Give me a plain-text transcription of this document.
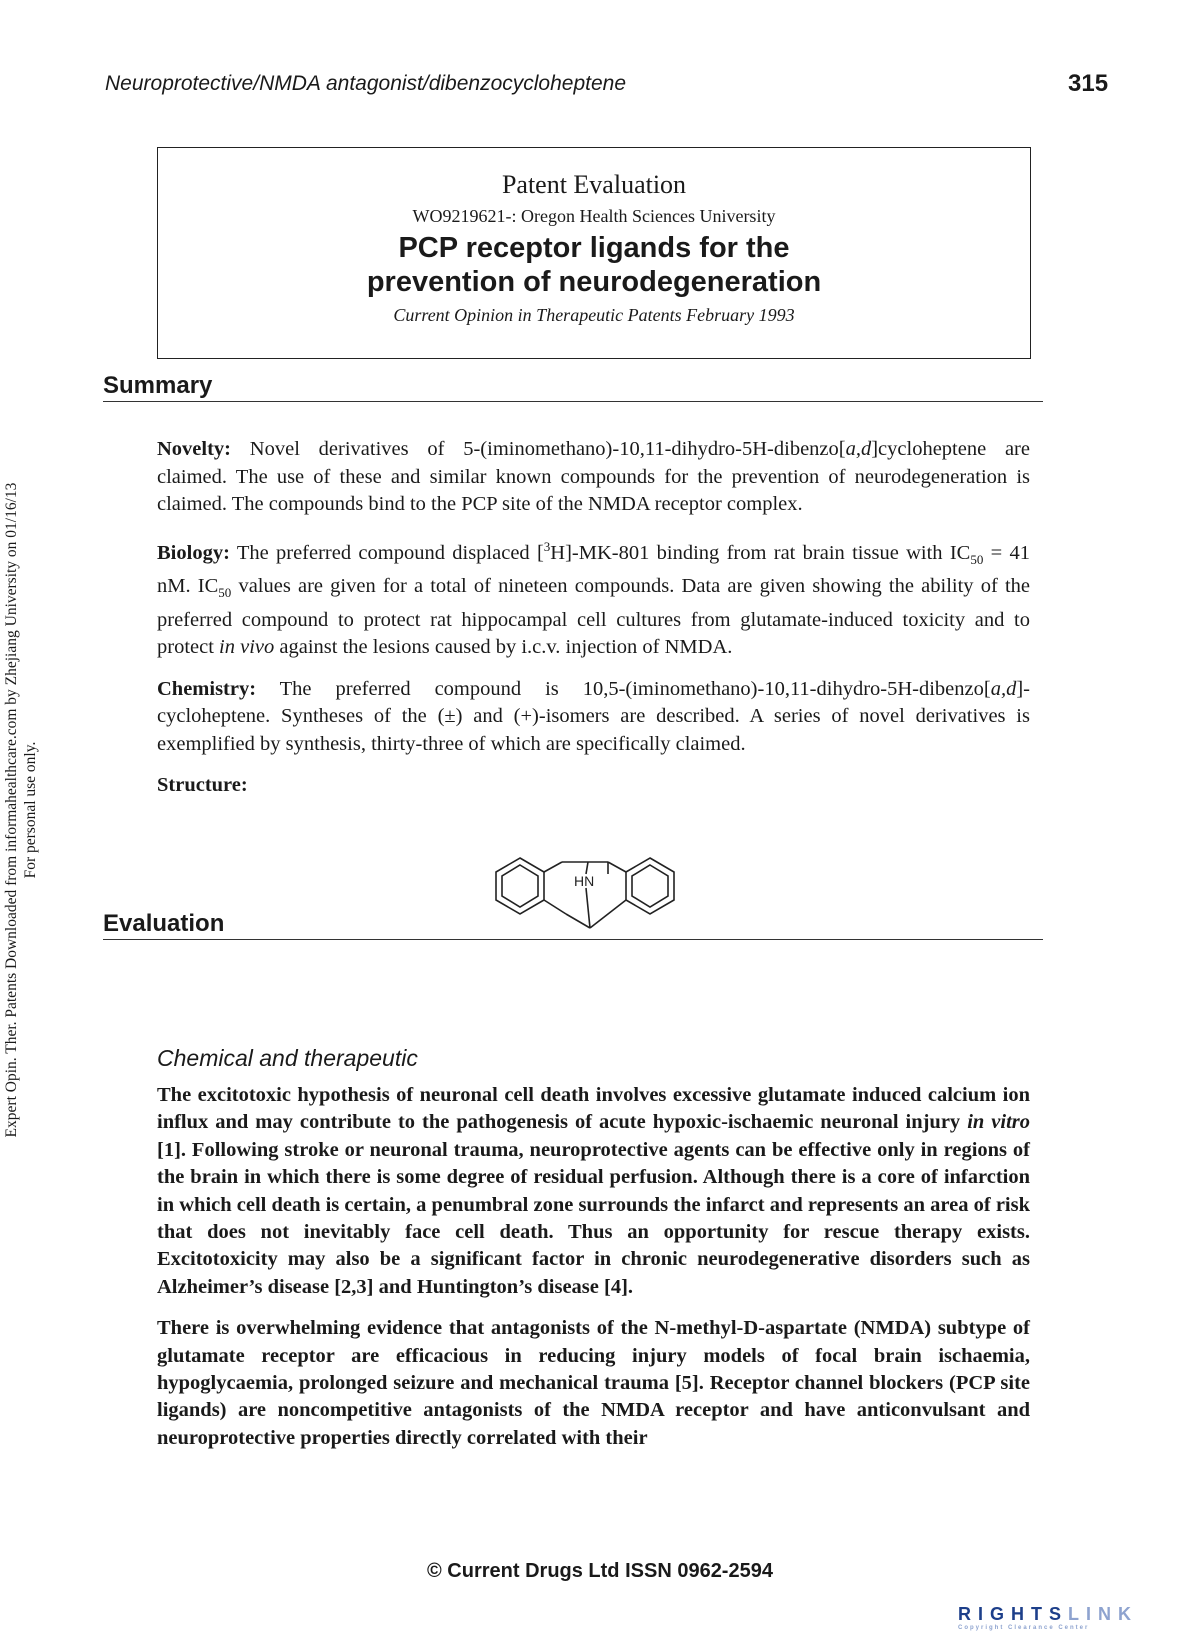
Neuroprotective/NMDA antagonist/dibenzocycloheptene	315
Expert Opin. Ther. Patents Downloaded from informahealthcare.com by Zhejiang University on 01/16/13 For personal use only.
Patent Evaluation
WO9219621-: Oregon Health Sciences University
PCP receptor ligands for the
prevention of neurodegeneration
Current Opinion in Therapeutic Patents February 1993
Summary

Novelty: Novel derivatives of 5-(iminomethano)-10,11-dihydro-5H-dibenzo[a,d]cycloheptene are claimed. The use of these and similar known compounds for the prevention of neurodegeneration is claimed. The compounds bind to the PCP site of the NMDA receptor complex.

Biology: The preferred compound displaced [$^3$H]-MK-801 binding from rat brain tissue with $IC_{50} = 41$ nM. $IC_{50}$ values are given for a total of nineteen compounds. Data are given showing the ability of the preferred compound to protect rat hippocampal cell cultures from glutamate-induced toxicity and to protect in vivo against the lesions caused by i.c.v. injection of NMDA.

Chemistry: The preferred compound is 10,5-(iminomethano)-10,11-dihydro-5H-dibenzo[a,d]-cycloheptene. Syntheses of the (±) and (+)-isomers are described. A series of novel derivatives is exemplified by synthesis, thirty-three of which are specifically claimed.

Structure:

HN
Evaluation
Chemical and therapeutic

The excitotoxic hypothesis of neuronal cell death involves excessive glutamate induced calcium ion influx and may contribute to the pathogenesis of acute hypoxic-ischaemic neuronal injury in vitro [1]. Following stroke or neuronal trauma, neuroprotective agents can be effective only in regions of the brain in which there is some degree of residual perfusion. Although there is a core of infarction in which cell death is certain, a penumbral zone surrounds the infarct and represents an area of risk that does not inevitably face cell death. Thus an opportunity for rescue therapy exists. Excitotoxicity may also be a significant factor in chronic neurodegenerative disorders such as Alzheimer’s disease [2,3] and Huntington’s disease [4].

There is overwhelming evidence that antagonists of the N-methyl-D-aspartate (NMDA) subtype of glutamate receptor are efficacious in reducing injury models of focal brain ischaemia, hypoglycaemia, prolonged seizure and mechanical trauma [5]. Receptor channel blockers (PCP site ligands) are noncompetitive antagonists of the NMDA receptor and have anticonvulsant and neuroprotective properties directly correlated with their

© Current Drugs Ltd ISSN 0962-2594
RIGHTSLINK
Copyright Clearance Center
